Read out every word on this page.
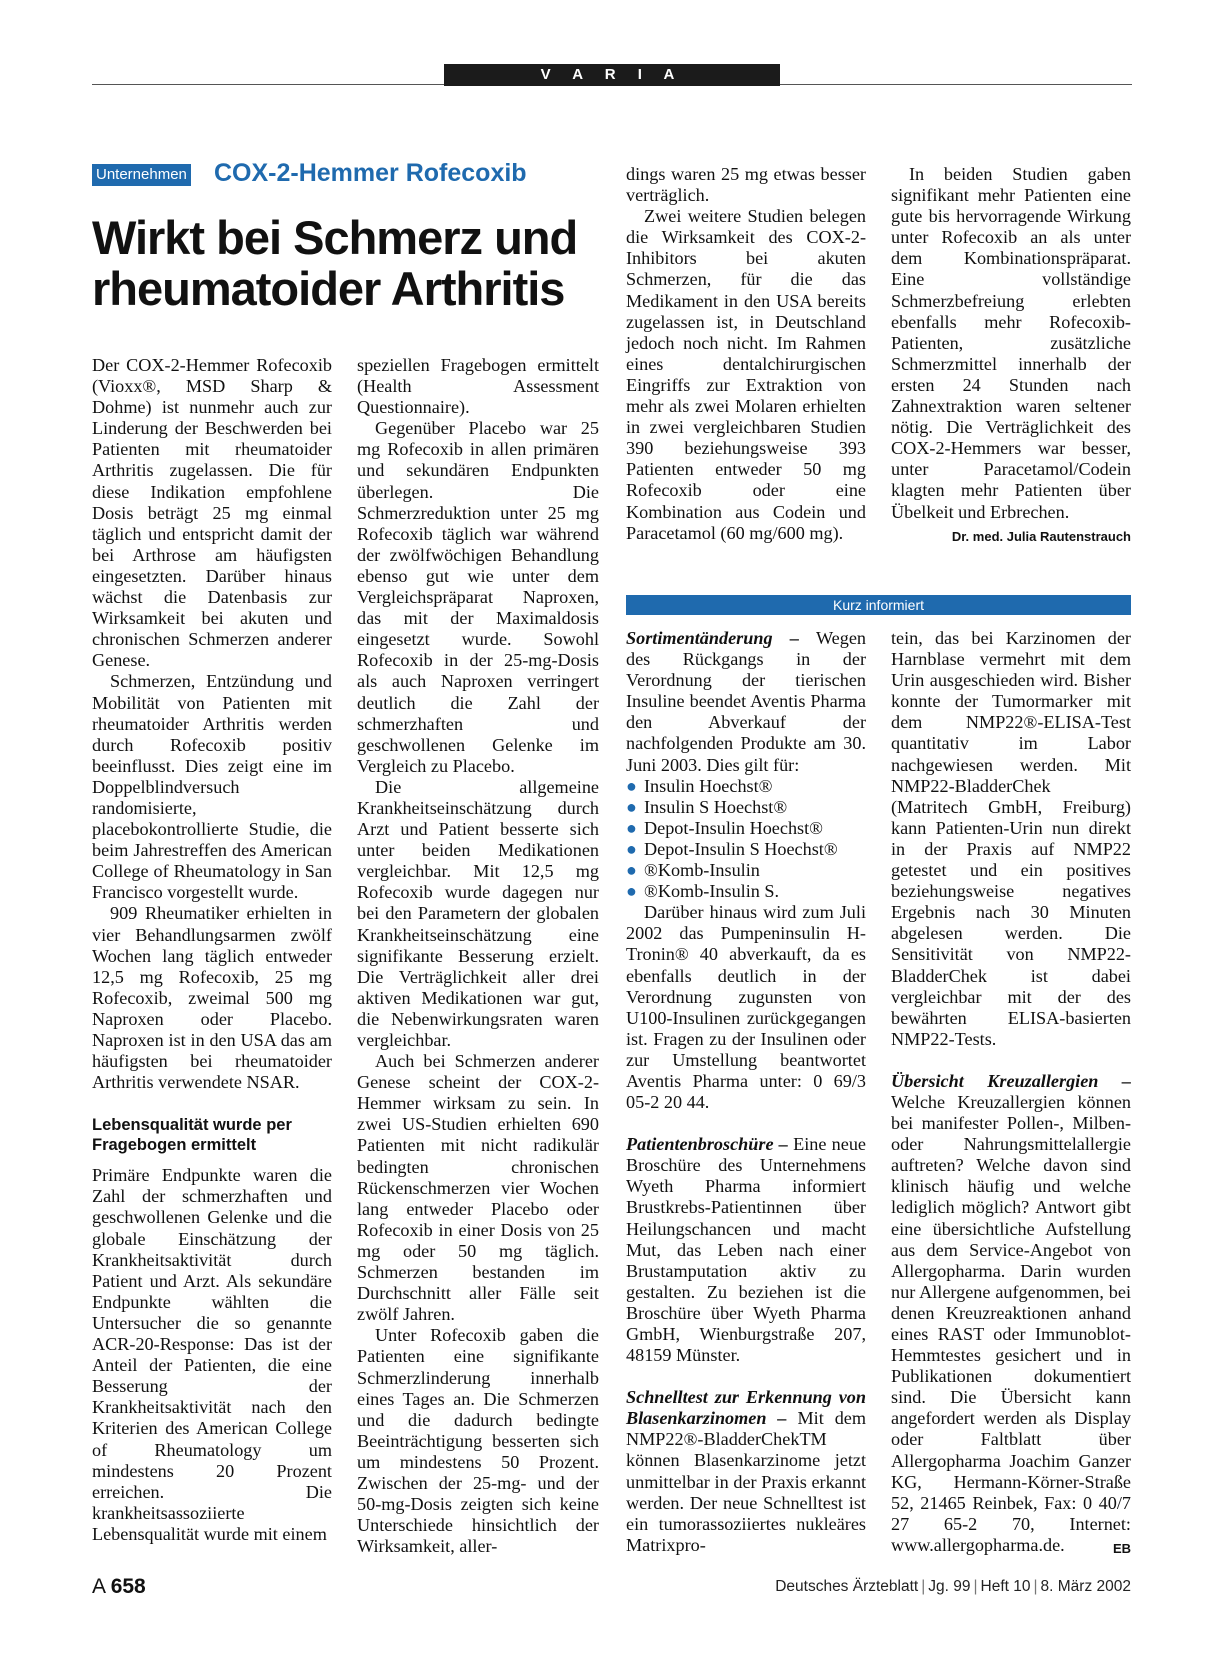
V A R I A
Unternehmen COX-2-Hemmer Rofecoxib
Wirkt bei Schmerz und
rheumatoider Arthritis

Der COX-2-Hemmer Rofecoxib (Vioxx®, MSD Sharp & Dohme) ist nunmehr auch zur Linderung der Beschwerden bei Patienten mit rheumatoider Arthritis zugelassen. Die für diese Indikation empfohlene Dosis beträgt 25 mg einmal täglich und entspricht damit der bei Arthrose am häufigsten eingesetzten. Darüber hinaus wächst die Datenbasis zur Wirksamkeit bei akuten und chronischen Schmerzen anderer Genese.

Schmerzen, Entzündung und Mobilität von Patienten mit rheumatoider Arthritis werden durch Rofecoxib positiv beeinflusst. Dies zeigt eine im Doppelblindversuch randomisierte, placebokontrollierte Studie, die beim Jahrestreffen des American College of Rheumatology in San Francisco vorgestellt wurde.

909 Rheumatiker erhielten in vier Behandlungsarmen zwölf Wochen lang täglich entweder 12,5 mg Rofecoxib, 25 mg Rofecoxib, zweimal 500 mg Naproxen oder Placebo. Naproxen ist in den USA das am häufigsten bei rheumatoider Arthritis verwendete NSAR.

Lebensqualität wurde per Fragebogen ermittelt

Primäre Endpunkte waren die Zahl der schmerzhaften und geschwollenen Gelenke und die globale Einschätzung der Krankheitsaktivität durch Patient und Arzt. Als sekundäre Endpunkte wählten die Untersucher die so genannte ACR-20-Response: Das ist der Anteil der Patienten, die eine Besserung der Krankheitsaktivität nach den Kriterien des American College of Rheumatology um mindestens 20 Prozent erreichen. Die krankheitsassoziierte Lebensqualität wurde mit einem

speziellen Fragebogen ermittelt (Health Assessment Questionnaire).

Gegenüber Placebo war 25 mg Rofecoxib in allen primären und sekundären Endpunkten überlegen. Die Schmerzreduktion unter 25 mg Rofecoxib täglich war während der zwölfwöchigen Behandlung ebenso gut wie unter dem Vergleichspräparat Naproxen, das mit der Maximaldosis eingesetzt wurde. Sowohl Rofecoxib in der 25-mg-Dosis als auch Naproxen verringert deutlich die Zahl der schmerzhaften und geschwollenen Gelenke im Vergleich zu Placebo.

Die allgemeine Krankheitseinschätzung durch Arzt und Patient besserte sich unter beiden Medikationen vergleichbar. Mit 12,5 mg Rofecoxib wurde dagegen nur bei den Parametern der globalen Krankheitseinschätzung eine signifikante Besserung erzielt. Die Verträglichkeit aller drei aktiven Medikationen war gut, die Nebenwirkungsraten waren vergleichbar.

Auch bei Schmerzen anderer Genese scheint der COX-2-Hemmer wirksam zu sein. In zwei US-Studien erhielten 690 Patienten mit nicht radikulär bedingten chronischen Rückenschmerzen vier Wochen lang entweder Placebo oder Rofecoxib in einer Dosis von 25 mg oder 50 mg täglich. Schmerzen bestanden im Durchschnitt aller Fälle seit zwölf Jahren.

Unter Rofecoxib gaben die Patienten eine signifikante Schmerzlinderung innerhalb eines Tages an. Die Schmerzen und die dadurch bedingte Beeinträchtigung besserten sich um mindestens 50 Prozent. Zwischen der 25-mg- und der 50-mg-Dosis zeigten sich keine Unterschiede hinsichtlich der Wirksamkeit, aller-

dings waren 25 mg etwas besser verträglich.

Zwei weitere Studien belegen die Wirksamkeit des COX-2-Inhibitors bei akuten Schmerzen, für die das Medikament in den USA bereits zugelassen ist, in Deutschland jedoch noch nicht. Im Rahmen eines dentalchirurgischen Eingriffs zur Extraktion von mehr als zwei Molaren erhielten in zwei vergleichbaren Studien 390 beziehungsweise 393 Patienten entweder 50 mg Rofecoxib oder eine Kombination aus Codein und Paracetamol (60 mg/600 mg).

In beiden Studien gaben signifikant mehr Patienten eine gute bis hervorragende Wirkung unter Rofecoxib an als unter dem Kombinationspräparat. Eine vollständige Schmerzbefreiung erlebten ebenfalls mehr Rofecoxib-Patienten, zusätzliche Schmerzmittel innerhalb der ersten 24 Stunden nach Zahnextraktion waren seltener nötig. Die Verträglichkeit des COX-2-Hemmers war besser, unter Paracetamol/Codein klagten mehr Patienten über Übelkeit und Erbrechen.

Dr. med. Julia Rautenstrauch

Kurz informiert

Sortimentänderung – Wegen des Rückgangs in der Verordnung der tierischen Insuline beendet Aventis Pharma den Abverkauf der nachfolgenden Produkte am 30. Juni 2003. Dies gilt für:

● Insulin Hoechst®
● Insulin S Hoechst®
● Depot-Insulin Hoechst®
● Depot-Insulin S Hoechst®
● ®Komb-Insulin
● ®Komb-Insulin S.

Darüber hinaus wird zum Juli 2002 das Pumpeninsulin H-Tronin® 40 abverkauft, da es ebenfalls deutlich in der Verordnung zugunsten von U100-Insulinen zurückgegangen ist. Fragen zu der Insulinen oder zur Umstellung beantwortet Aventis Pharma unter: 0 69/3 05-2 20 44.

Patientenbroschüre – Eine neue Broschüre des Unternehmens Wyeth Pharma informiert Brustkrebs-Patientinnen über Heilungschancen und macht Mut, das Leben nach einer Brustamputation aktiv zu gestalten. Zu beziehen ist die Broschüre über Wyeth Pharma GmbH, Wienburgstraße 207, 48159 Münster.

Schnelltest zur Erkennung von Blasenkarzinomen – Mit dem NMP22®-BladderChekTM können Blasenkarzinome jetzt unmittelbar in der Praxis erkannt werden. Der neue Schnelltest ist ein tumorassoziiertes nukleäres Matrixpro-

tein, das bei Karzinomen der Harnblase vermehrt mit dem Urin ausgeschieden wird. Bisher konnte der Tumormarker mit dem NMP22®-ELISA-Test quantitativ im Labor nachgewiesen werden. Mit NMP22-BladderChek (Matritech GmbH, Freiburg) kann Patienten-Urin nun direkt in der Praxis auf NMP22 getestet und ein positives beziehungsweise negatives Ergebnis nach 30 Minuten abgelesen werden. Die Sensitivität von NMP22-BladderChek ist dabei vergleichbar mit der des bewährten ELISA-basierten NMP22-Tests.

Übersicht Kreuzallergien – Welche Kreuzallergien können bei manifester Pollen-, Milben- oder Nahrungsmittelallergie auftreten? Welche davon sind klinisch häufig und welche lediglich möglich? Antwort gibt eine übersichtliche Aufstellung aus dem Service-Angebot von Allergopharma. Darin wurden nur Allergene aufgenommen, bei denen Kreuzreaktionen anhand eines RAST oder Immunoblot-Hemmtestes gesichert und in Publikationen dokumentiert sind. Die Übersicht kann angefordert werden als Display oder Faltblatt über Allergopharma Joachim Ganzer KG, Hermann-Körner-Straße 52, 21465 Reinbek, Fax: 0 40/7 27 65-2 70, Internet: www.allergopharma.de.	EB

A 658	Deutsches Ärzteblatt | Jg. 99 | Heft 10 | 8. März 2002
